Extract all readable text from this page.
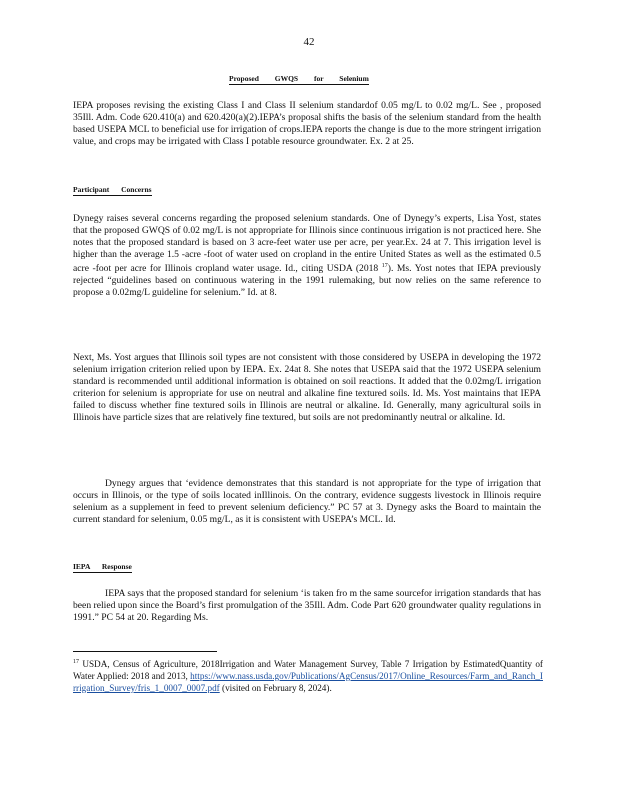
42
Proposed GWQS for Selenium

IEPA proposes revising the existing Class I and Class II selenium standardof 0.05 mg/L to 0.02 mg/L. See , proposed 35Ill. Adm. Code 620.410(a) and 620.420(a)(2).IEPA’s proposal shifts the basis of the selenium standard from the health based USEPA MCL to beneficial use for irrigation of crops.IEPA reports the change is due to the more stringent irrigation value, and crops may be irrigated with Class I potable resource groundwater. Ex. 2 at 25.

Participant Concerns

Dynegy raises several concerns regarding the proposed selenium standards. One of Dynegy’s experts, Lisa Yost, states that the proposed GWQS of 0.02 mg/L is not appropriate for Illinois since continuous irrigation is not practiced here. She notes that the proposed standard is based on 3 acre-feet water use per acre, per year.Ex. 24 at 7. This irrigation level is higher than the average 1.5 -acre -foot of water used on cropland in the entire United States as well as the estimated 0.5 acre -foot per acre for Illinois cropland water usage. Id., citing USDA (2018 $^{17}$). Ms. Yost notes that IEPA previously rejected “guidelines based on continuous watering in the 1991 rulemaking, but now relies on the same reference to propose a 0.02mg/L guideline for selenium.” Id. at 8.

Next, Ms. Yost argues that Illinois soil types are not consistent with those considered by USEPA in developing the 1972 selenium irrigation criterion relied upon by IEPA. Ex. 24at 8. She notes that USEPA said that the 1972 USEPA selenium standard is recommended until additional information is obtained on soil reactions. It added that the 0.02mg/L irrigation criterion for selenium is appropriate for use on neutral and alkaline fine textured soils. Id. Ms. Yost maintains that IEPA failed to discuss whether fine textured soils in Illinois are neutral or alkaline. Id. Generally, many agricultural soils in Illinois have particle sizes that are relatively fine textured, but soils are not predominantly neutral or alkaline. Id.

Dynegy argues that ‘evidence demonstrates that this standard is not appropriate for the type of irrigation that occurs in Illinois, or the type of soils located inIllinois. On the contrary, evidence suggests livestock in Illinois require selenium as a supplement in feed to prevent selenium deficiency.” PC 57 at 3. Dynegy asks the Board to maintain the current standard for selenium, 0.05 mg/L, as it is consistent with USEPA’s MCL. Id.

IEPA Response

IEPA says that the proposed standard for selenium ‘is taken fro m the same sourcefor irrigation standards that has been relied upon since the Board’s first promulgation of the 35Ill. Adm. Code Part 620 groundwater quality regulations in 1991.” PC 54 at 20. Regarding Ms.

$^{17}$ USDA, Census of Agriculture, 2018Irrigation and Water Management Survey, Table 7 Irrigation by EstimatedQuantity of Water Applied: 2018 and 2013, https://www.nass.usda.gov/Publications/AgCensus/2017/Online_Resources/Farm_and_Ranch_Irrigation_Survey/fris_1_0007_0007.pdf (visited on February 8, 2024).
